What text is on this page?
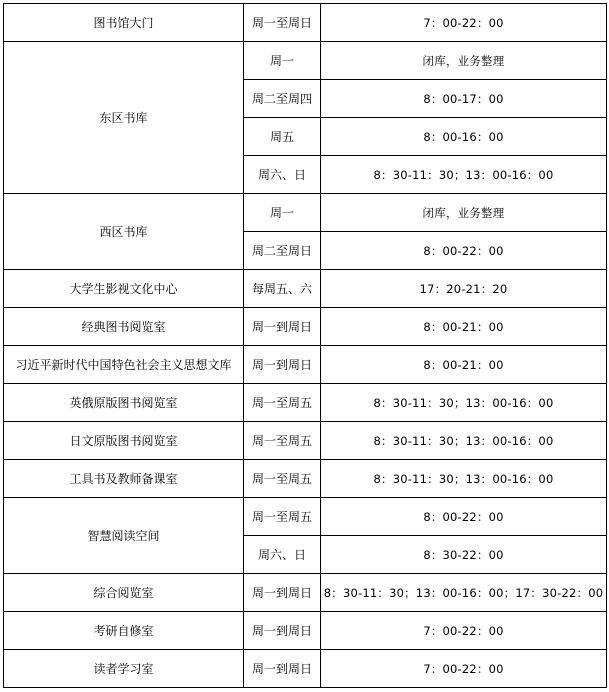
图书馆大门	周一至周日	7：00-22：00
东区书库	周一	闭库，业务整理
	周二至周四	8：00-17：00
	周五	8：00-16：00
	周六、日	8：30-11：30；13：00-16：00
西区书库	周一	闭库，业务整理
	周二至周日	8：00-22：00
大学生影视文化中心	每周五、六	17：20-21：20
经典图书阅览室	周一到周日	8：00-21：00
习近平新时代中国特色社会主义思想文库	周一到周日	8：00-21：00
英俄原版图书阅览室	周一至周五	8：30-11：30；13：00-16：00
日文原版图书阅览室	周一至周五	8：30-11：30；13：00-16：00
工具书及教师备课室	周一至周五	8：30-11：30；13：00-16：00
智慧阅读空间	周一至周五	8：00-22：00
	周六、日	8：30-22：00
综合阅览室	周一到周日	8：30-11：30；13：00-16：00；17：30-22：00
考研自修室	周一到周日	7：00-22：00
读者学习室	周一到周日	7：00-22：00
